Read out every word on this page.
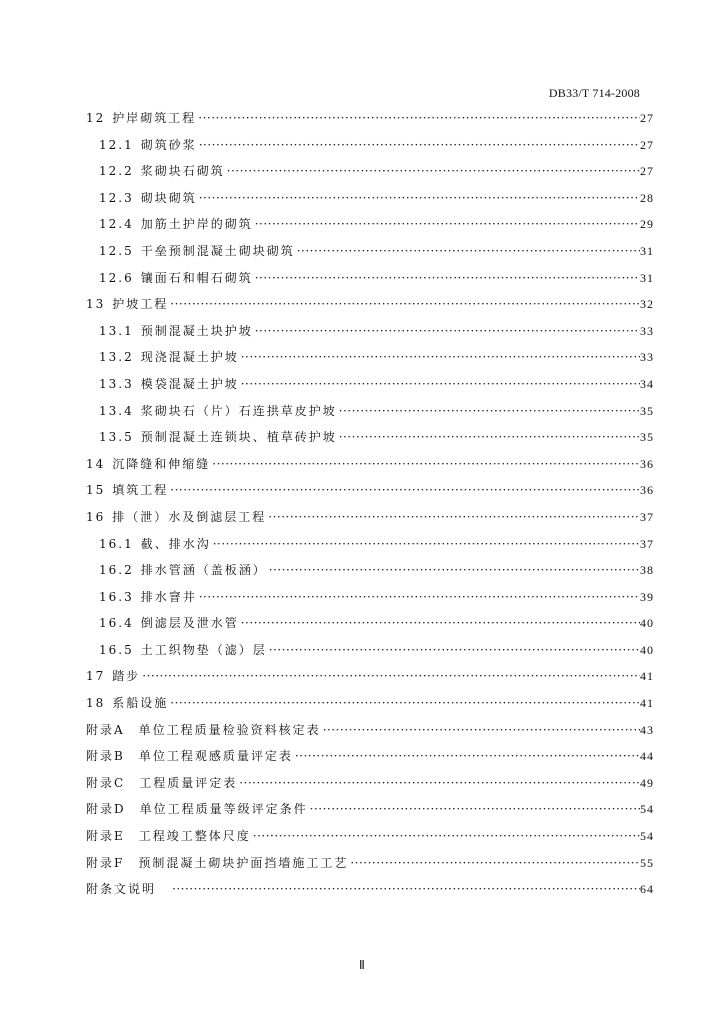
DB33/T 714-2008
12 护岸砌筑工程 ·····	27
12.1 砌筑砂浆 ·····	27
12.2 浆砌块石砌筑 ·····	27
12.3 砌块砌筑 ·····	28
12.4 加筋土护岸的砌筑 ·····	29
12.5 干垒预制混凝土砌块砌筑 ·····	31
12.6 镶面石和帽石砌筑 ·····	31
13 护坡工程 ·····	32
13.1 预制混凝土块护坡 ·····	33
13.2 现浇混凝土护坡 ·····	33
13.3 模袋混凝土护坡 ·····	34
13.4 浆砌块石（片）石连拱草皮护坡 ·····	35
13.5 预制混凝土连锁块、植草砖护坡 ·····	35
14 沉降缝和伸缩缝 ·····	36
15 填筑工程 ·····	36
16 排（泄）水及倒滤层工程 ·····	37
16.1 截、排水沟 ·····	37
16.2 排水管涵（盖板涵） ·····	38
16.3 排水窨井 ·····	39
16.4 倒滤层及泄水管 ·····	40
16.5 土工织物垫（滤）层 ·····	40
17 踏步 ·····	41
18 系船设施 ·····	41
附录A 单位工程质量检验资料核定表 ·····	43
附录B 单位工程观感质量评定表 ·····	44
附录C 工程质量评定表 ·····	49
附录D 单位工程质量等级评定条件 ·····	54
附录E 工程竣工整体尺度 ·····	54
附录F 预制混凝土砌块护面挡墙施工工艺 ·····	55
附条文说明 ·····	64
Ⅱ
